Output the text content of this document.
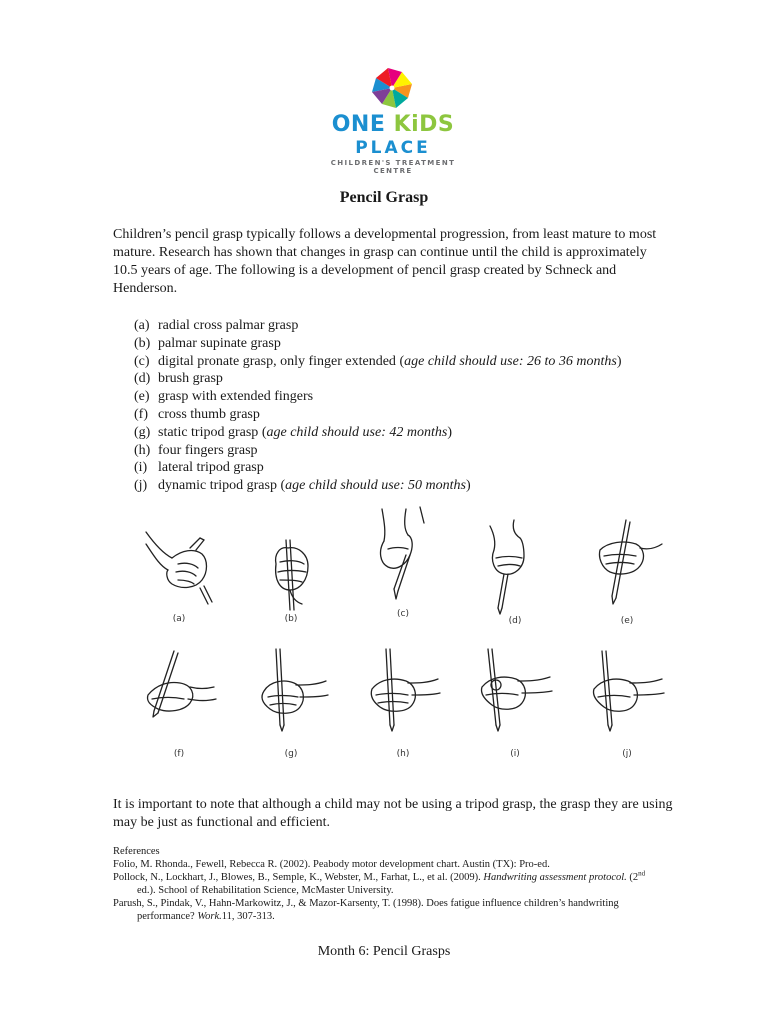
ONE KiDS
PLACE
CHILDREN'S TREATMENT CENTRE
Pencil Grasp
Children’s pencil grasp typically follows a developmental progression, from least mature to most mature. Research has shown that changes in grasp can continue until the child is approximately 10.5 years of age. The following is a development of pencil grasp created by Schneck and Henderson.
(a) radial cross palmar grasp
(b) palmar supinate grasp
(c) digital pronate grasp, only finger extended (age child should use: 26 to 36 months)
(d) brush grasp
(e) grasp with extended fingers
(f) cross thumb grasp
(g) static tripod grasp (age child should use: 42 months)
(h) four fingers grasp
(i) lateral tripod grasp
(j) dynamic tripod grasp (age child should use: 50 months)
(a)	(b)	(c)
(d)	(e)
(f)	(g)	(h)	(i)	(j)
It is important to note that although a child may not be using a tripod grasp, the grasp they are using may be just as functional and efficient.
References
Folio, M. Rhonda., Fewell, Rebecca R. (2002). Peabody motor development chart. Austin (TX): Pro-ed.
Pollock, N., Lockhart, J., Blowes, B., Semple, K., Webster, M., Farhat, L., et al. (2009). Handwriting assessment protocol. (2nd ed.). School of Rehabilitation Science, McMaster University.
Parush, S., Pindak, V., Hahn-Markowitz, J., & Mazor-Karsenty, T. (1998). Does fatigue influence children’s handwriting performance? Work.11, 307-313.
Month 6: Pencil Grasps
